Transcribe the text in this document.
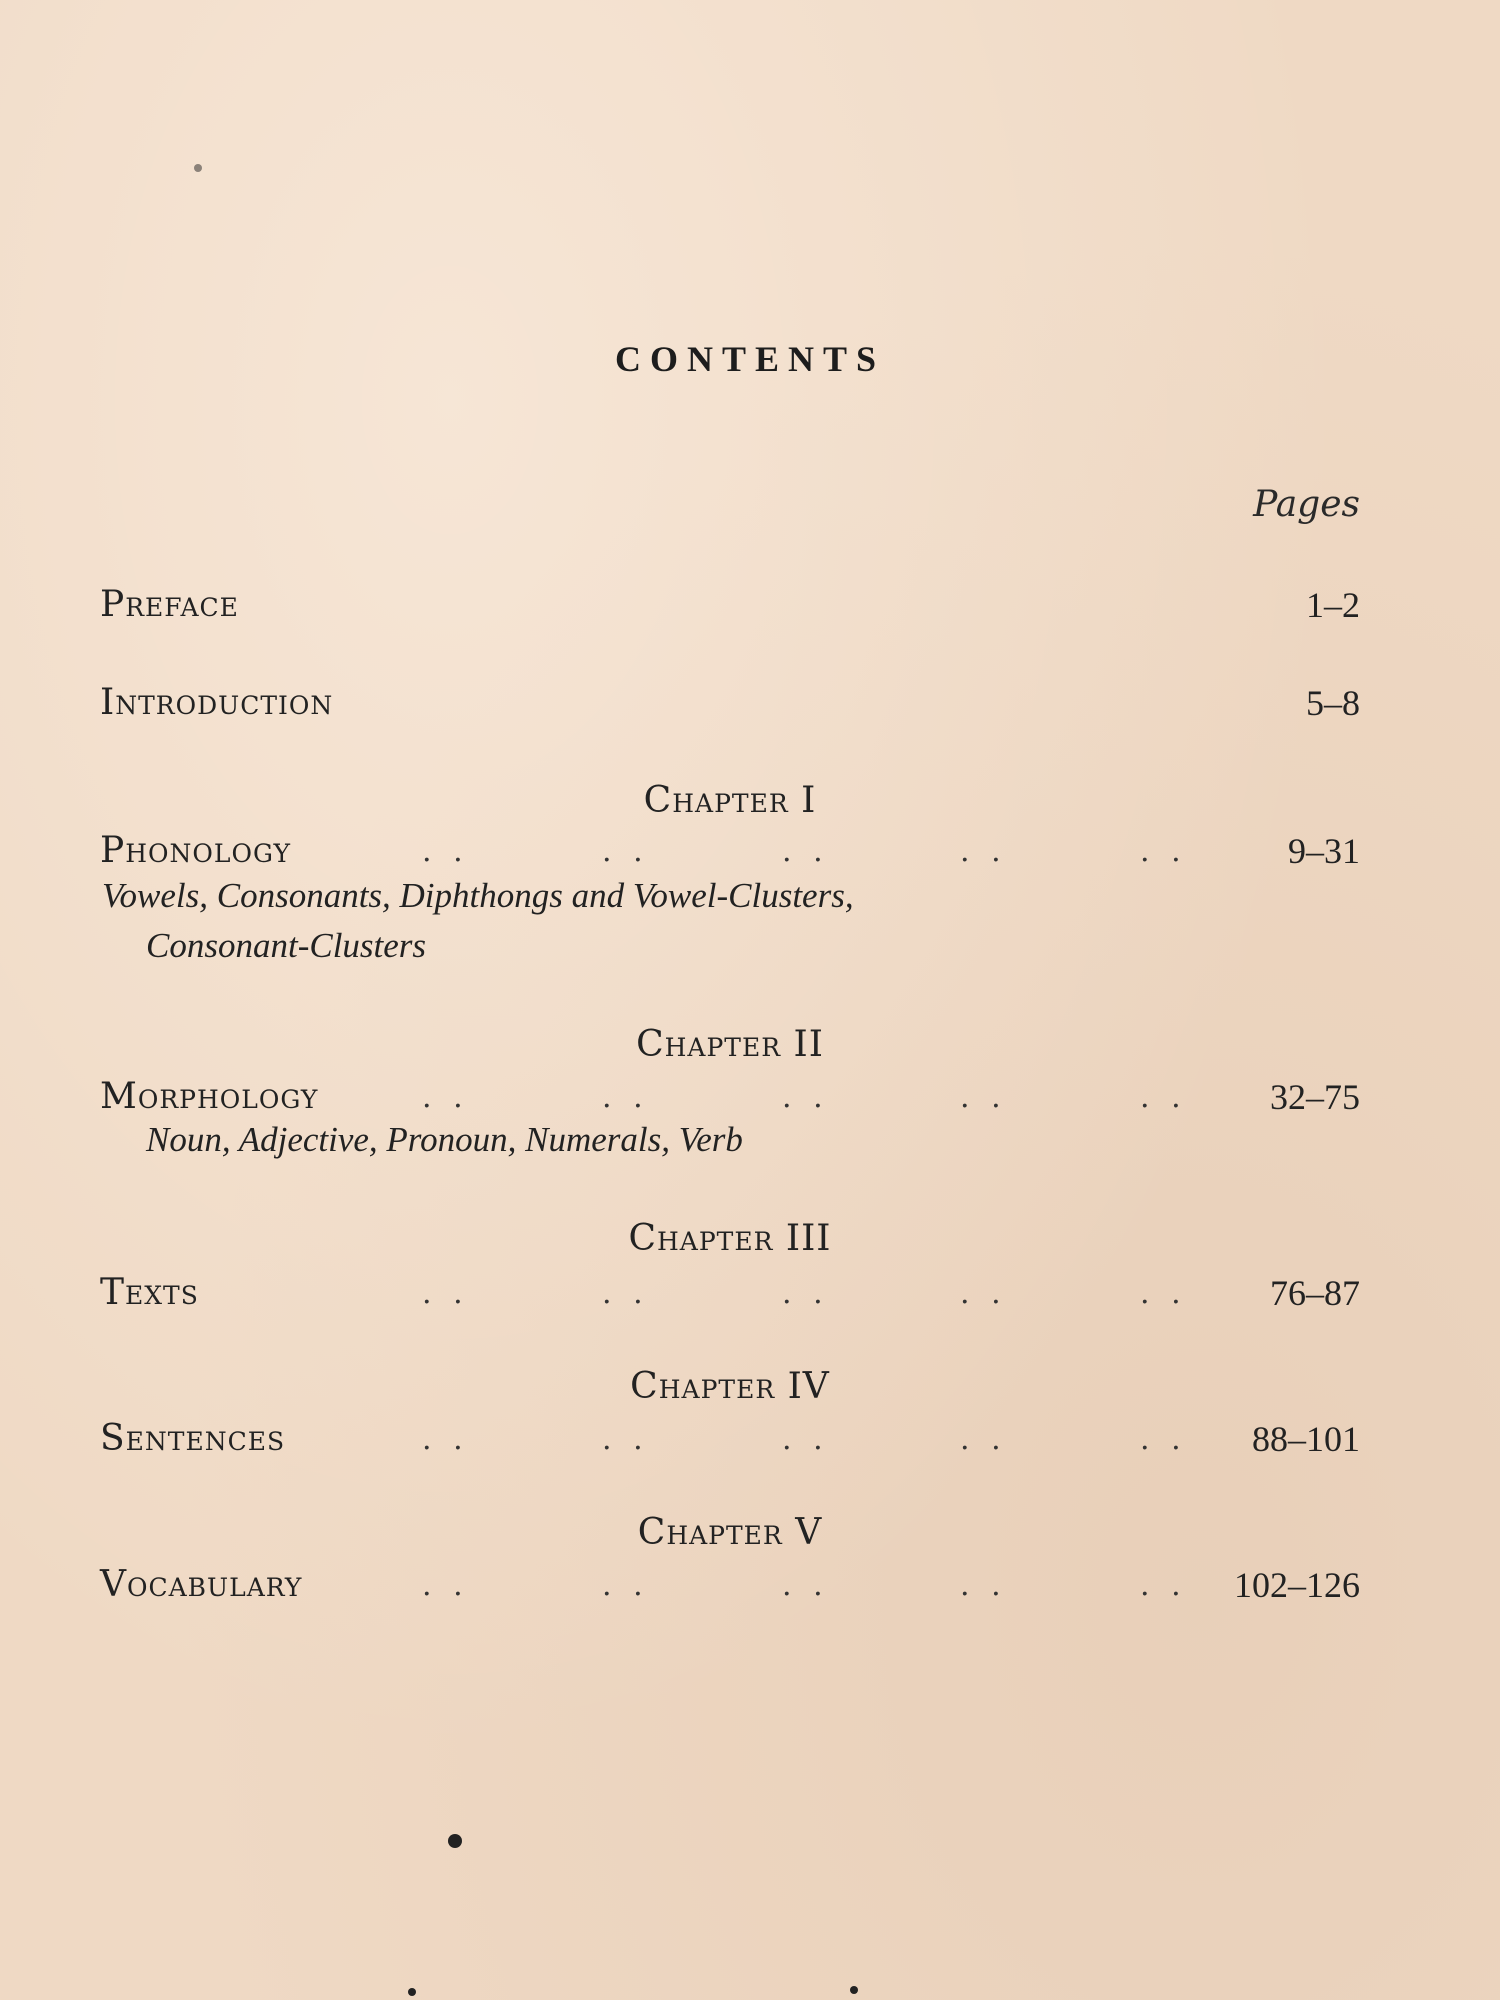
CONTENTS
Pages
Preface	1–2
Introduction	5–8
Chapter I
Phonology	. .	. .	. .	. .	. .	9–31
Vowels, Consonants, Diphthongs and Vowel-Clusters,
Consonant-Clusters
Chapter II
Morphology	. .	. .	. .	. .	. . 32–75
Noun, Adjective, Pronoun, Numerals, Verb
Chapter III
Texts	. .	. .	. .	. .	. . 76–87
Chapter IV
Sentences	. .	. .	. .	. .	. . 88–101
Chapter V
Vocabulary	. .	. .	. .	. .	. . 102–126
